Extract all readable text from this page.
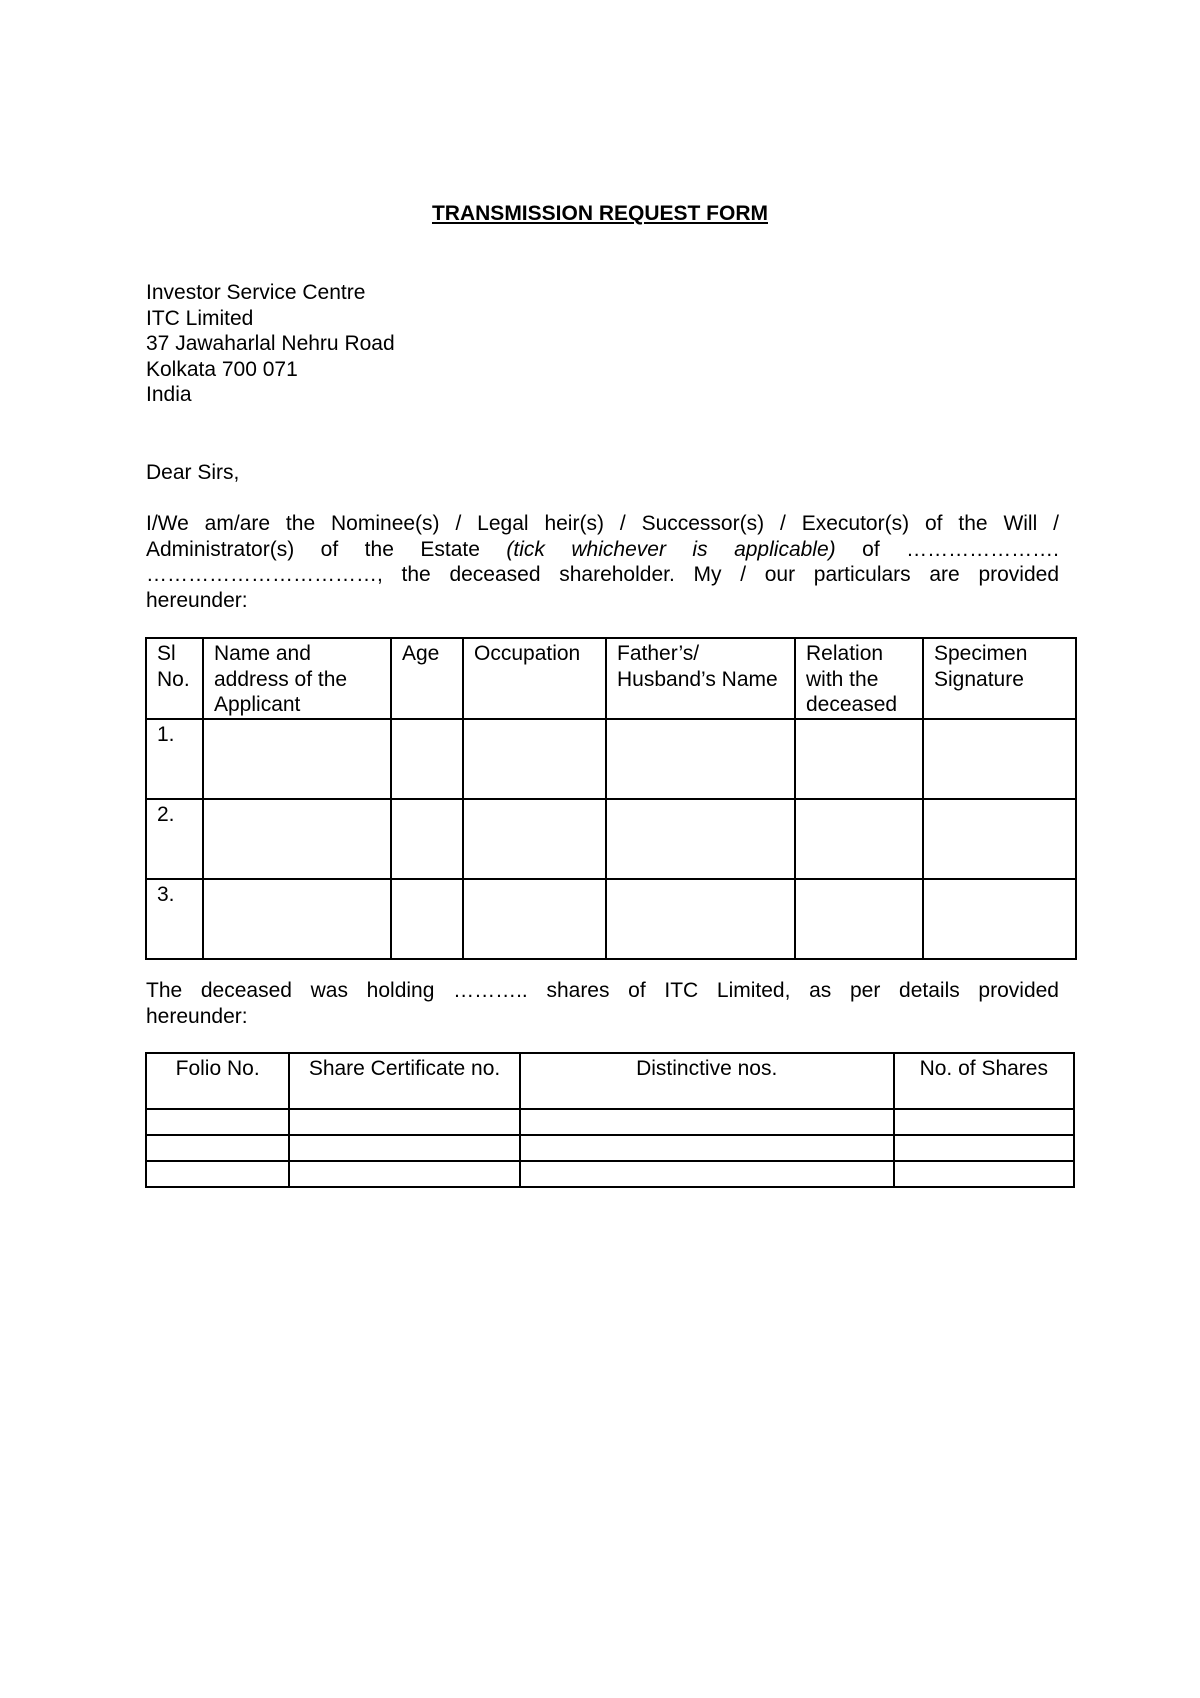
TRANSMISSION REQUEST FORM
Investor Service Centre
ITC Limited
37 Jawaharlal Nehru Road
Kolkata 700 071
India
Dear Sirs,
I/We am/are the Nominee(s) / Legal heir(s) / Successor(s) / Executor(s) of the Will /
Administrator(s) of the Estate (tick whichever is applicable) of ………………….
……………………………, the deceased shareholder. My / our particulars are provided
hereunder:
Sl No.	Name and address of the Applicant	Age	Occupation	Father’s/ Husband’s Name	Relation with the deceased	Specimen Signature
1.						
2.						
3.						
The deceased was holding ……….. shares of ITC Limited, as per details provided
hereunder:
Folio No.	Share Certificate no.	Distinctive nos.	No. of Shares
